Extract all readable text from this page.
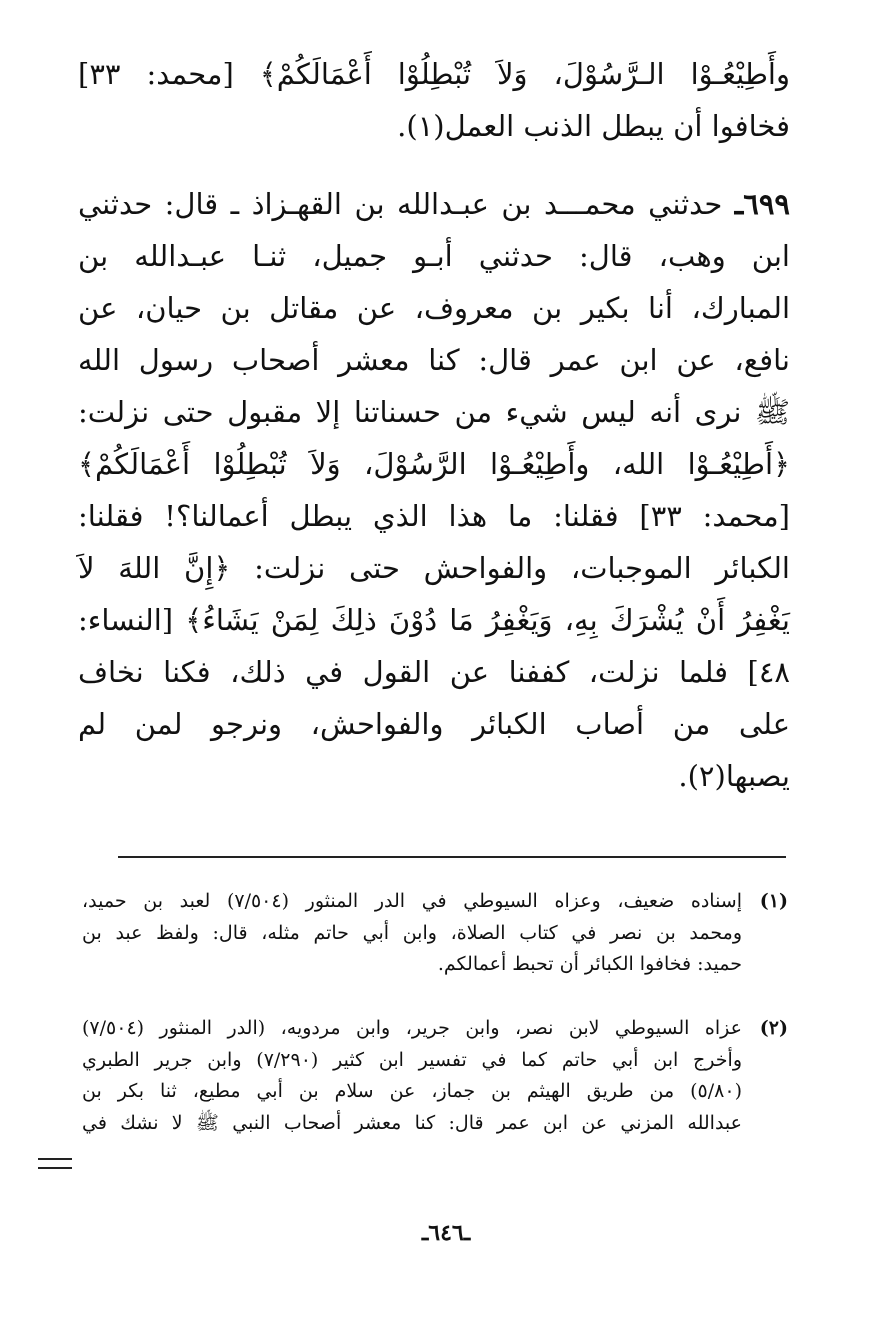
وأَطِيْعُـوْا الـرَّسُوْلَ، وَلاَ تُبْطِلُوْا أَعْمَالَكُمْ﴾ [محمد: ٣٣]
فخافوا أن يبطل الذنب العمل(١).
٦٩٩ـ حدثني محمـــد بن عبـدالله بن القهـزاذ ـ قال: حدثني
ابن وهب، قال: حدثني أبـو جميل، ثنـا عبـدالله بن
المبارك، أنا بكير بن معروف، عن مقاتل بن حيان، عن
نافع، عن ابن عمر قال: كنا معشر أصحاب رسول الله
ﷺ نرى أنه ليس شيء من حسناتنا إلا مقبول حتى نزلت:
﴿أَطِيْعُـوْا الله، وأَطِيْعُـوْا الرَّسُوْلَ، وَلاَ تُبْطِلُوْا أَعْمَالَكُمْ﴾
[محمد: ٣٣] فقلنا: ما هذا الذي يبطل أعمالنا؟! فقلنا:
الكبائر الموجبات، والفواحش حتى نزلت: ﴿إِنَّ اللهَ لاَ
يَغْفِرُ أَنْ يُشْرَكَ بِهِ، وَيَغْفِرُ مَا دُوْنَ ذلِكَ لِمَنْ يَشَاءُ﴾ [النساء:
٤٨] فلما نزلت، كففنا عن القول في ذلك، فكنا نخاف
على من أصاب الكبائر والفواحش، ونرجو لمن لم
يصبها(٢).
(١)
إسناده ضعيف، وعزاه السيوطي في الدر المنثور (٧/٥٠٤) لعبد بن حميد،
ومحمد بن نصر في كتاب الصلاة، وابن أبي حاتم مثله، قال: ولفظ عبد بن
حميد: فخافوا الكبائر أن تحبط أعمالكم.
(٢)
عزاه السيوطي لابن نصر، وابن جرير، وابن مردويه، (الدر المنثور (٧/٥٠٤)
وأخرج ابن أبي حاتم كما في تفسير ابن كثير (٧/٢٩٠) وابن جرير الطبري
(٥/٨٠) من طريق الهيثم بن جماز، عن سلام بن أبي مطيع، ثنا بكر بن
عبدالله المزني عن ابن عمر قال: كنا معشر أصحاب النبي ﷺ لا نشك في
ـ٦٤٦ـ
